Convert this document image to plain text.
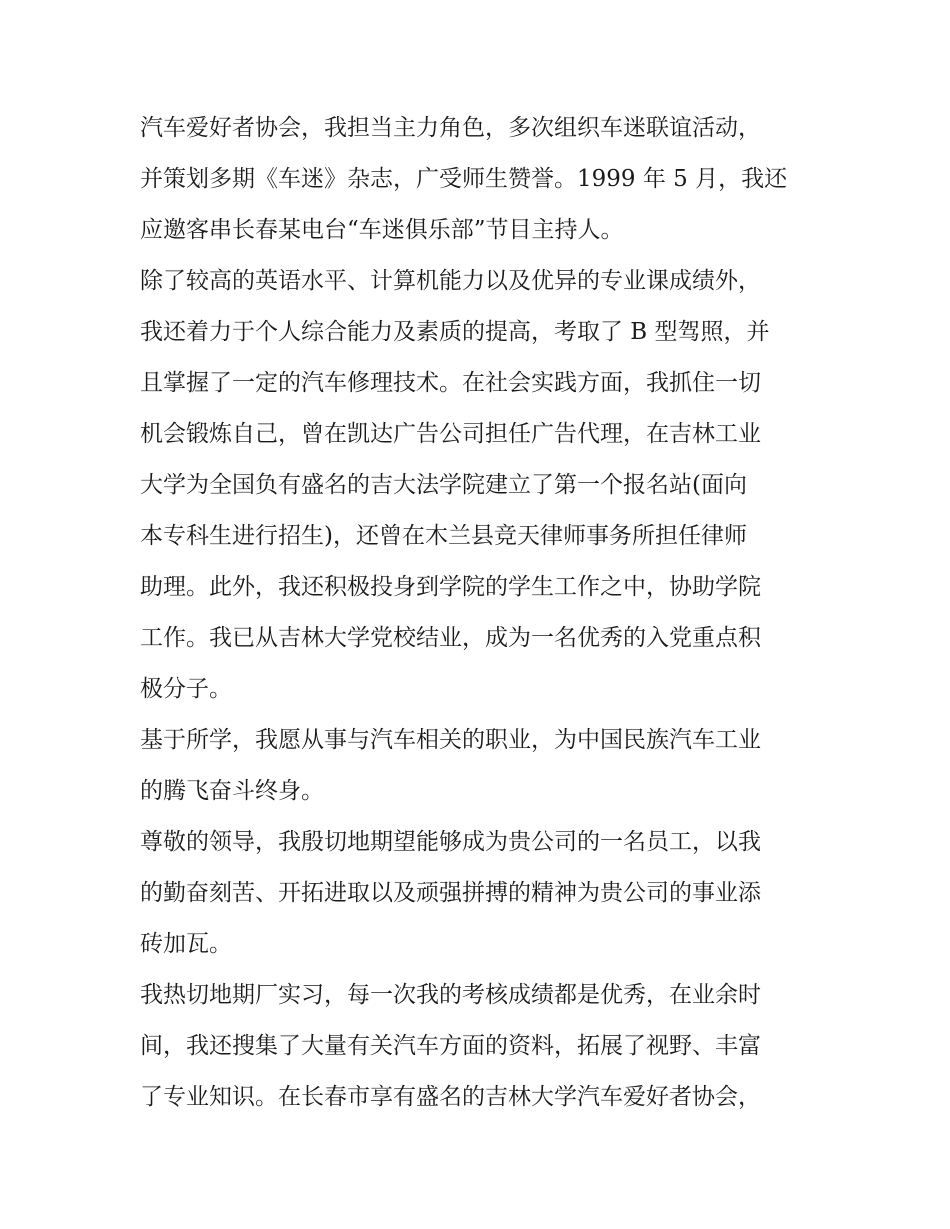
汽车爱好者协会，我担当主力角色，多次组织车迷联谊活动，
并策划多期《车迷》杂志，广受师生赞誉。1999 年 5 月，我还
应邀客串长春某电台“车迷俱乐部”节目主持人。
除了较高的英语水平、计算机能力以及优异的专业课成绩外，
我还着力于个人综合能力及素质的提高，考取了 B 型驾照，并
且掌握了一定的汽车修理技术。在社会实践方面，我抓住一切
机会锻炼自己，曾在凯达广告公司担任广告代理，在吉林工业
大学为全国负有盛名的吉大法学院建立了第一个报名站(面向
本专科生进行招生)，还曾在木兰县竞天律师事务所担任律师
助理。此外，我还积极投身到学院的学生工作之中，协助学院
工作。我已从吉林大学党校结业，成为一名优秀的入党重点积
极分子。
基于所学，我愿从事与汽车相关的职业，为中国民族汽车工业
的腾飞奋斗终身。
尊敬的领导，我殷切地期望能够成为贵公司的一名员工，以我
的勤奋刻苦、开拓进取以及顽强拼搏的精神为贵公司的事业添
砖加瓦。
我热切地期厂实习，每一次我的考核成绩都是优秀，在业余时
间，我还搜集了大量有关汽车方面的资料，拓展了视野、丰富
了专业知识。在长春市享有盛名的吉林大学汽车爱好者协会，
